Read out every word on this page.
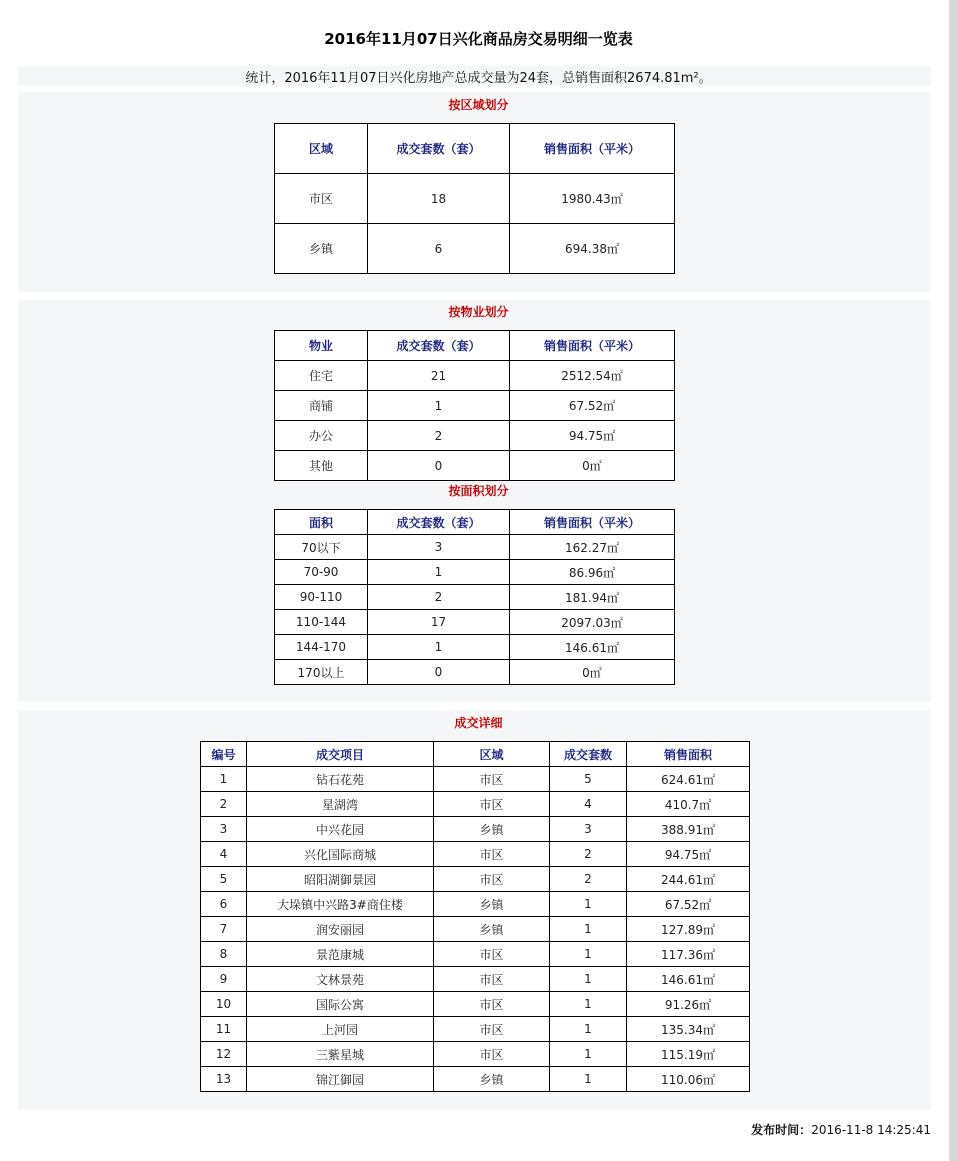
2016年11月07日兴化商品房交易明细一览表
统计，2016年11月07日兴化房地产总成交量为24套，总销售面积2674.81m²。
按区域划分
区域	成交套数（套）	销售面积（平米）
市区	18	1980.43㎡
乡镇	6	694.38㎡
按物业划分
物业	成交套数（套）	销售面积（平米）
住宅	21	2512.54㎡
商铺	1	67.52㎡
办公	2	94.75㎡
其他	0	0㎡
按面积划分
面积	成交套数（套）	销售面积（平米）
70以下	3	162.27㎡
70-90	1	86.96㎡
90-110	2	181.94㎡
110-144	17	2097.03㎡
144-170	1	146.61㎡
170以上	0	0㎡
成交详细
编号	成交项目	区域	成交套数	销售面积
1	钻石花苑	市区	5	624.61㎡
2	星湖湾	市区	4	410.7㎡
3	中兴花园	乡镇	3	388.91㎡
4	兴化国际商城	市区	2	94.75㎡
5	昭阳湖御景园	市区	2	244.61㎡
6	大垛镇中兴路3#商住楼	乡镇	1	67.52㎡
7	润安丽园	乡镇	1	127.89㎡
8	景范康城	市区	1	117.36㎡
9	文林景苑	市区	1	146.61㎡
10	国际公寓	市区	1	91.26㎡
11	上河园	市区	1	135.34㎡
12	三紫星城	市区	1	115.19㎡
13	锦江御园	乡镇	1	110.06㎡
发布时间：2016-11-8 14:25:41
